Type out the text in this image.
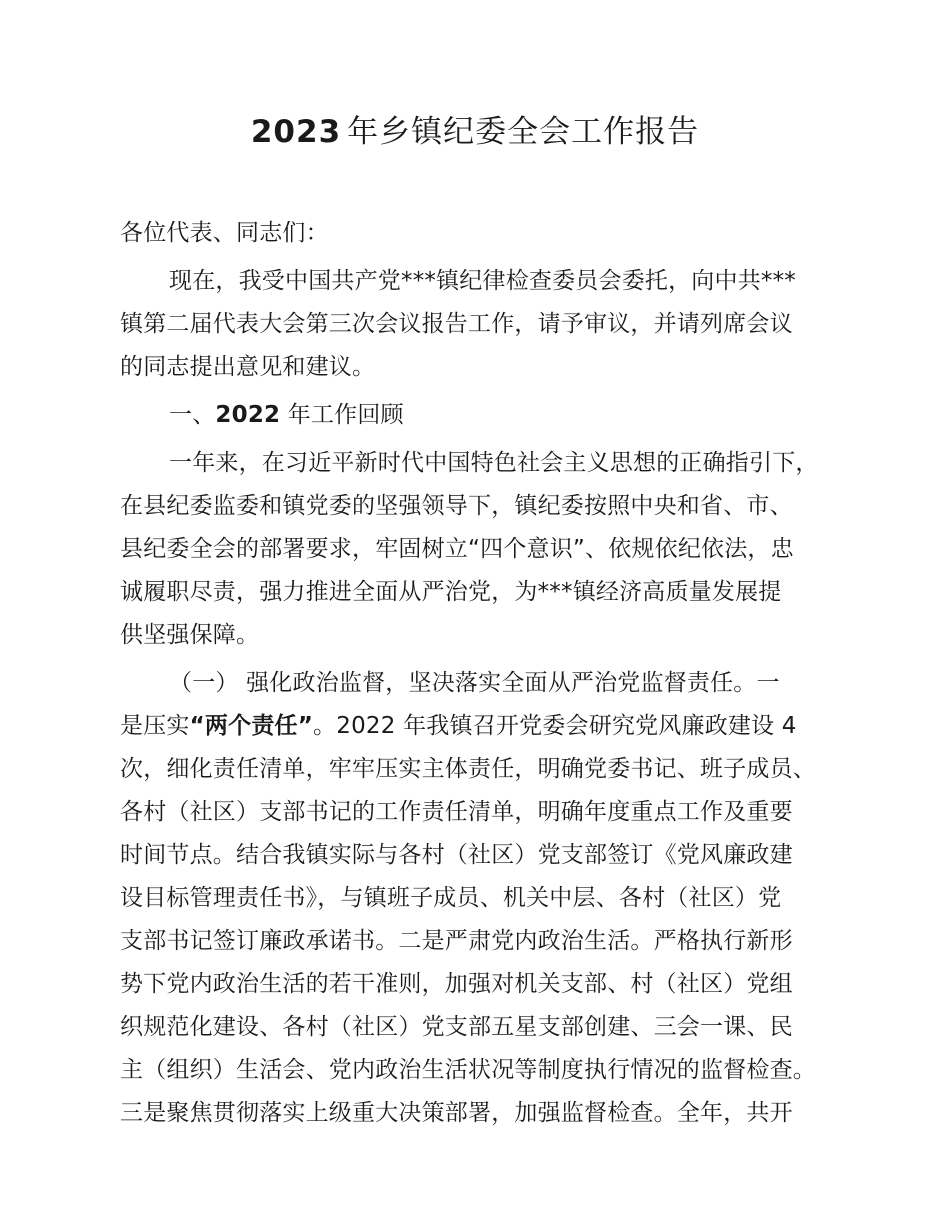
2023 年乡镇纪委全会工作报告
各位代表、同志们：
现在，我受中国共产党***镇纪律检查委员会委托，向中共***
镇第二届代表大会第三次会议报告工作，请予审议，并请列席会议
的同志提出意见和建议。
一、2022 年工作回顾
一年来，在习近平新时代中国特色社会主义思想的正确指引下，
在县纪委监委和镇党委的坚强领导下，镇纪委按照中央和省、市、
县纪委全会的部署要求，牢固树立“四个意识”、依规依纪依法，忠
诚履职尽责，强力推进全面从严治党，为***镇经济高质量发展提
供坚强保障。
（一） 强化政治监督，坚决落实全面从严治党监督责任。一
是压实“两个责任”。2022 年我镇召开党委会研究党风廉政建设 4
次，细化责任清单，牢牢压实主体责任，明确党委书记、班子成员、
各村（社区）支部书记的工作责任清单，明确年度重点工作及重要
时间节点。结合我镇实际与各村（社区）党支部签订《党风廉政建
设目标管理责任书》，与镇班子成员、机关中层、各村（社区）党
支部书记签订廉政承诺书。二是严肃党内政治生活。严格执行新形
势下党内政治生活的若干准则，加强对机关支部、村（社区）党组
织规范化建设、各村（社区）党支部五星支部创建、三会一课、民
主（组织）生活会、党内政治生活状况等制度执行情况的监督检查。
三是聚焦贯彻落实上级重大决策部署，加强监督检查。全年，共开
